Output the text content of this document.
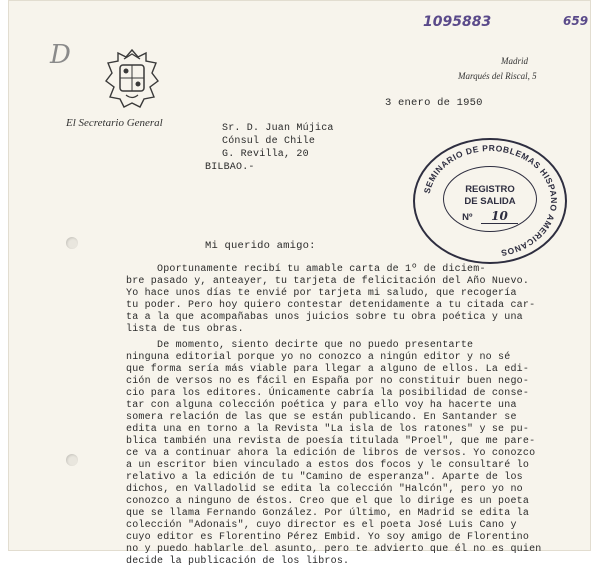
1095883	659
D
El Secretario General
Madrid
Marqués del Riscal, 5
3 enero de 1950
Sr. D. Juan Mújica
Cónsul de Chile
G. Revilla, 20
BILBAO.-
SEMINARIO DE PROBLEMAS HISPANO AMERICANOS
REGISTRO
DE SALIDA
Nº 10
Mi querido amigo:
Oportunamente recibí tu amable carta de 1º de diciem-
bre pasado y, anteayer, tu tarjeta de felicitación del Año Nuevo.
Yo hace unos días te envié por tarjeta mi saludo, que recogería
tu poder. Pero hoy quiero contestar detenidamente a tu citada car-
ta a la que acompañabas unos juicios sobre tu obra poética y una
lista de tus obras.
De momento, siento decirte que no puedo presentarte
ninguna editorial porque yo no conozco a ningún editor y no sé
que forma sería más viable para llegar a alguno de ellos. La edi-
ción de versos no es fácil en España por no constituir buen nego-
cio para los editores. Únicamente cabría la posibilidad de conse-
tar con alguna colección poética y para ello voy ha hacerte una
somera relación de las que se están publicando. En Santander se
edita una en torno a la Revista "La isla de los ratones" y se pu-
blica también una revista de poesía titulada "Proel", que me pare-
ce va a continuar ahora la edición de libros de versos. Yo conozco
a un escritor bien vinculado a estos dos focos y le consultaré lo
relativo a la edición de tu "Camino de esperanza". Aparte de los
dichos, en Valladolid se edita la colección "Halcón", pero yo no
conozco a ninguno de éstos. Creo que el que lo dirige es un poeta
que se llama Fernando González. Por último, en Madrid se edita la
colección "Adonais", cuyo director es el poeta José Luis Cano y
cuyo editor es Florentino Pérez Embid. Yo soy amigo de Florentino
no y puedo hablarle del asunto, pero te advierto que él no es quien
decide la publicación de los libros.
